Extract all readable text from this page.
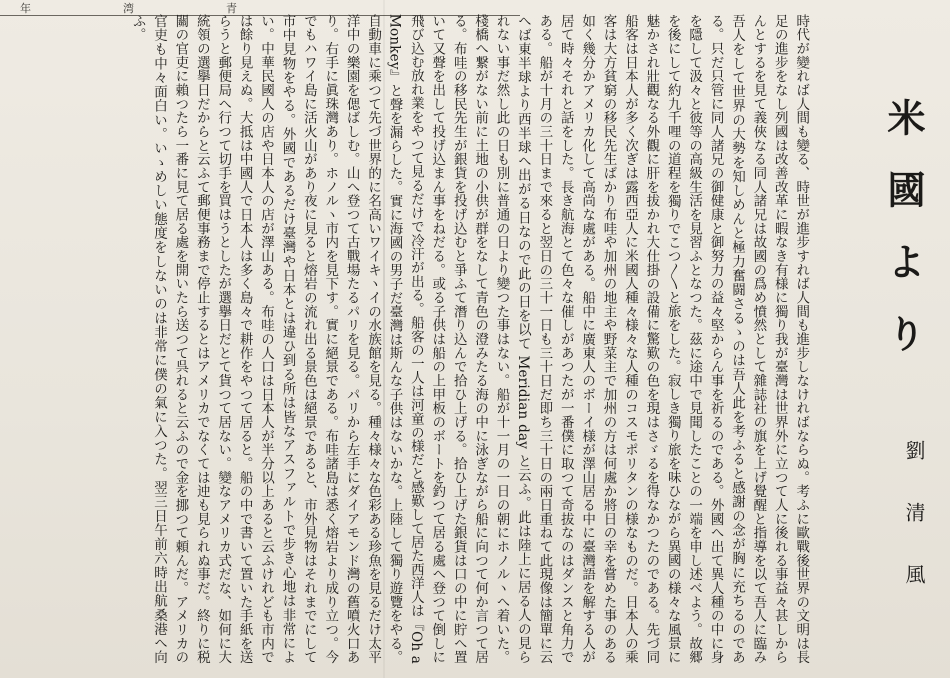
年	湾	青
米國より
劉清風

時代が變れば人間も變る、時世が進步すれば人間も進步しなければならぬ。考ふに歐戰後世界の文明は長足の進步をなし列國は改善改革に暇なき有様に獨り我が臺灣は世界外に立つて人に後れる事益々甚しからんとするを見て義俠なる同人諸兄は故國の爲め憤然として雜誌社の旗を上げ覺醒と指導を以て吾人に臨み吾人をして世界の大勢を知しめんと極力奮闘さるゝのは吾人此を考ふると感謝の念が胸に充ちるのである。只だ只管に同人諸兄の御健康と御努力の益々堅からん事を祈るのである。外國へ出て異人種の中に身を隱して汲々と彼等の高級生活を見習ふとなつた。茲に途中で見聞したことの一端を申し述べよう。故郷を後にして約九千哩の道程を獨りでこつ〳〵と旅をした。寂しき獨り旅を味ひながら異國の様々な風景に魅かされ壯觀なる外觀に肝を拔かれ大仕掛の設備に驚歎の色を現はさゞるを得なかつたのである。先づ同船客は日本人が多く次ぎは露西亞人に米國人種々様々な人種のコスモポリタンの様なものだ。日本人の乘客は大方貧窮の移民先生ばかり布哇や加州の地主や野菜主で加州の方は何處か將日の幸を嘗めた事のある如く幾分かアメリカ化して高尚な處がある。船中に廣東人のボーイ様が澤山居る中に臺灣語を解する人が居て時々それと話をした。長き航海とて色々な催しがあつたが一番僕に取つて奇拔なのはダンスと角力である。船が十月の三十日まで來ると翌日の三十一日も三十日だ即ち三十日の兩日重ねて此現像は簡單に云へば東半球より西半球へ出がる日なので此の日を以て Meridian day と云ふ。此は陸上に居る人の見られない事だ然し此の日も別に普通の日より變つた事はない。船が十一月の一日の朝にホノルヽへ着いた。棧橋へ繋がない前に土地の小供が群をなして青色の澄みたる海の中に泳ぎながら船に向つて何か言つて居る。布哇の移民先生が銀貨を投げ込むと爭ふて潛り込んで拾ひ上げる。拾ひ上げた銀貨は口の中に貯へ置いて又聲を出して投げ込まん事をねだる。或る子供は船の上甲板のボートを釣つて居る處へ登つて倒しに飛び込む放れ業をやつて見るだけで冷汗が出る。船客の一人は河童の様だと感歎して居た西洋人は『Oh a Monkey』と聲を漏らした。實に海國の男子だ臺灣は斯んな子供はないかな。上陸して獨り遊覽をやる。自動車に乘つて先づ世界的に名高いワイキヽイの水族館を見る。種々様々な色彩ある珍魚を見るだけ太平洋中の樂園を偲ばしむ。山へ登つて古戰場たるパリを見る。パリから左手にダイアモンド灣の舊噴火口あり。右手に眞珠灣あり。ホノルヽ市内を見下す。實に絕景である。布哇諸島は悉く熔岩より成り立つ。今でもハワイ島に活火山があり夜に見ると熔岩の流れ出る景色は絕景であると、市外見物はそれまでにして市中見物をやる。外國であるだけ臺灣や日本とは違ひ到る所は皆なアスファルトで步き心地は非常によい。中華民國人の店や日本人の店が澤山ある。布哇の人口は日本人が半分以上あると云ふけれども市内では餘り見えぬ。大抵は中國人で日本人は多く島々で耕作をやつて居ると。船の中で書いて置いた手紙を送らうと郵便局へ行つて切手を買はうとしたが選擧日だとて貨つて居ない。變なアメリカ式だな、如何に大統領の選擧日だからと云ふて郵便事務まで停止するとはアメリカでなくては迚も見られぬ事だ。終りに税關の官吏に賴つたら一番に見て居る處を開いたら送つて呉れると云ふので金を挪つて頼んだ。アメリカの官吏も中々面白い。いゝめしい態度をしないのは非常に僕の氣に入つた。翌三日午前六時出航桑港へ向ふ。
